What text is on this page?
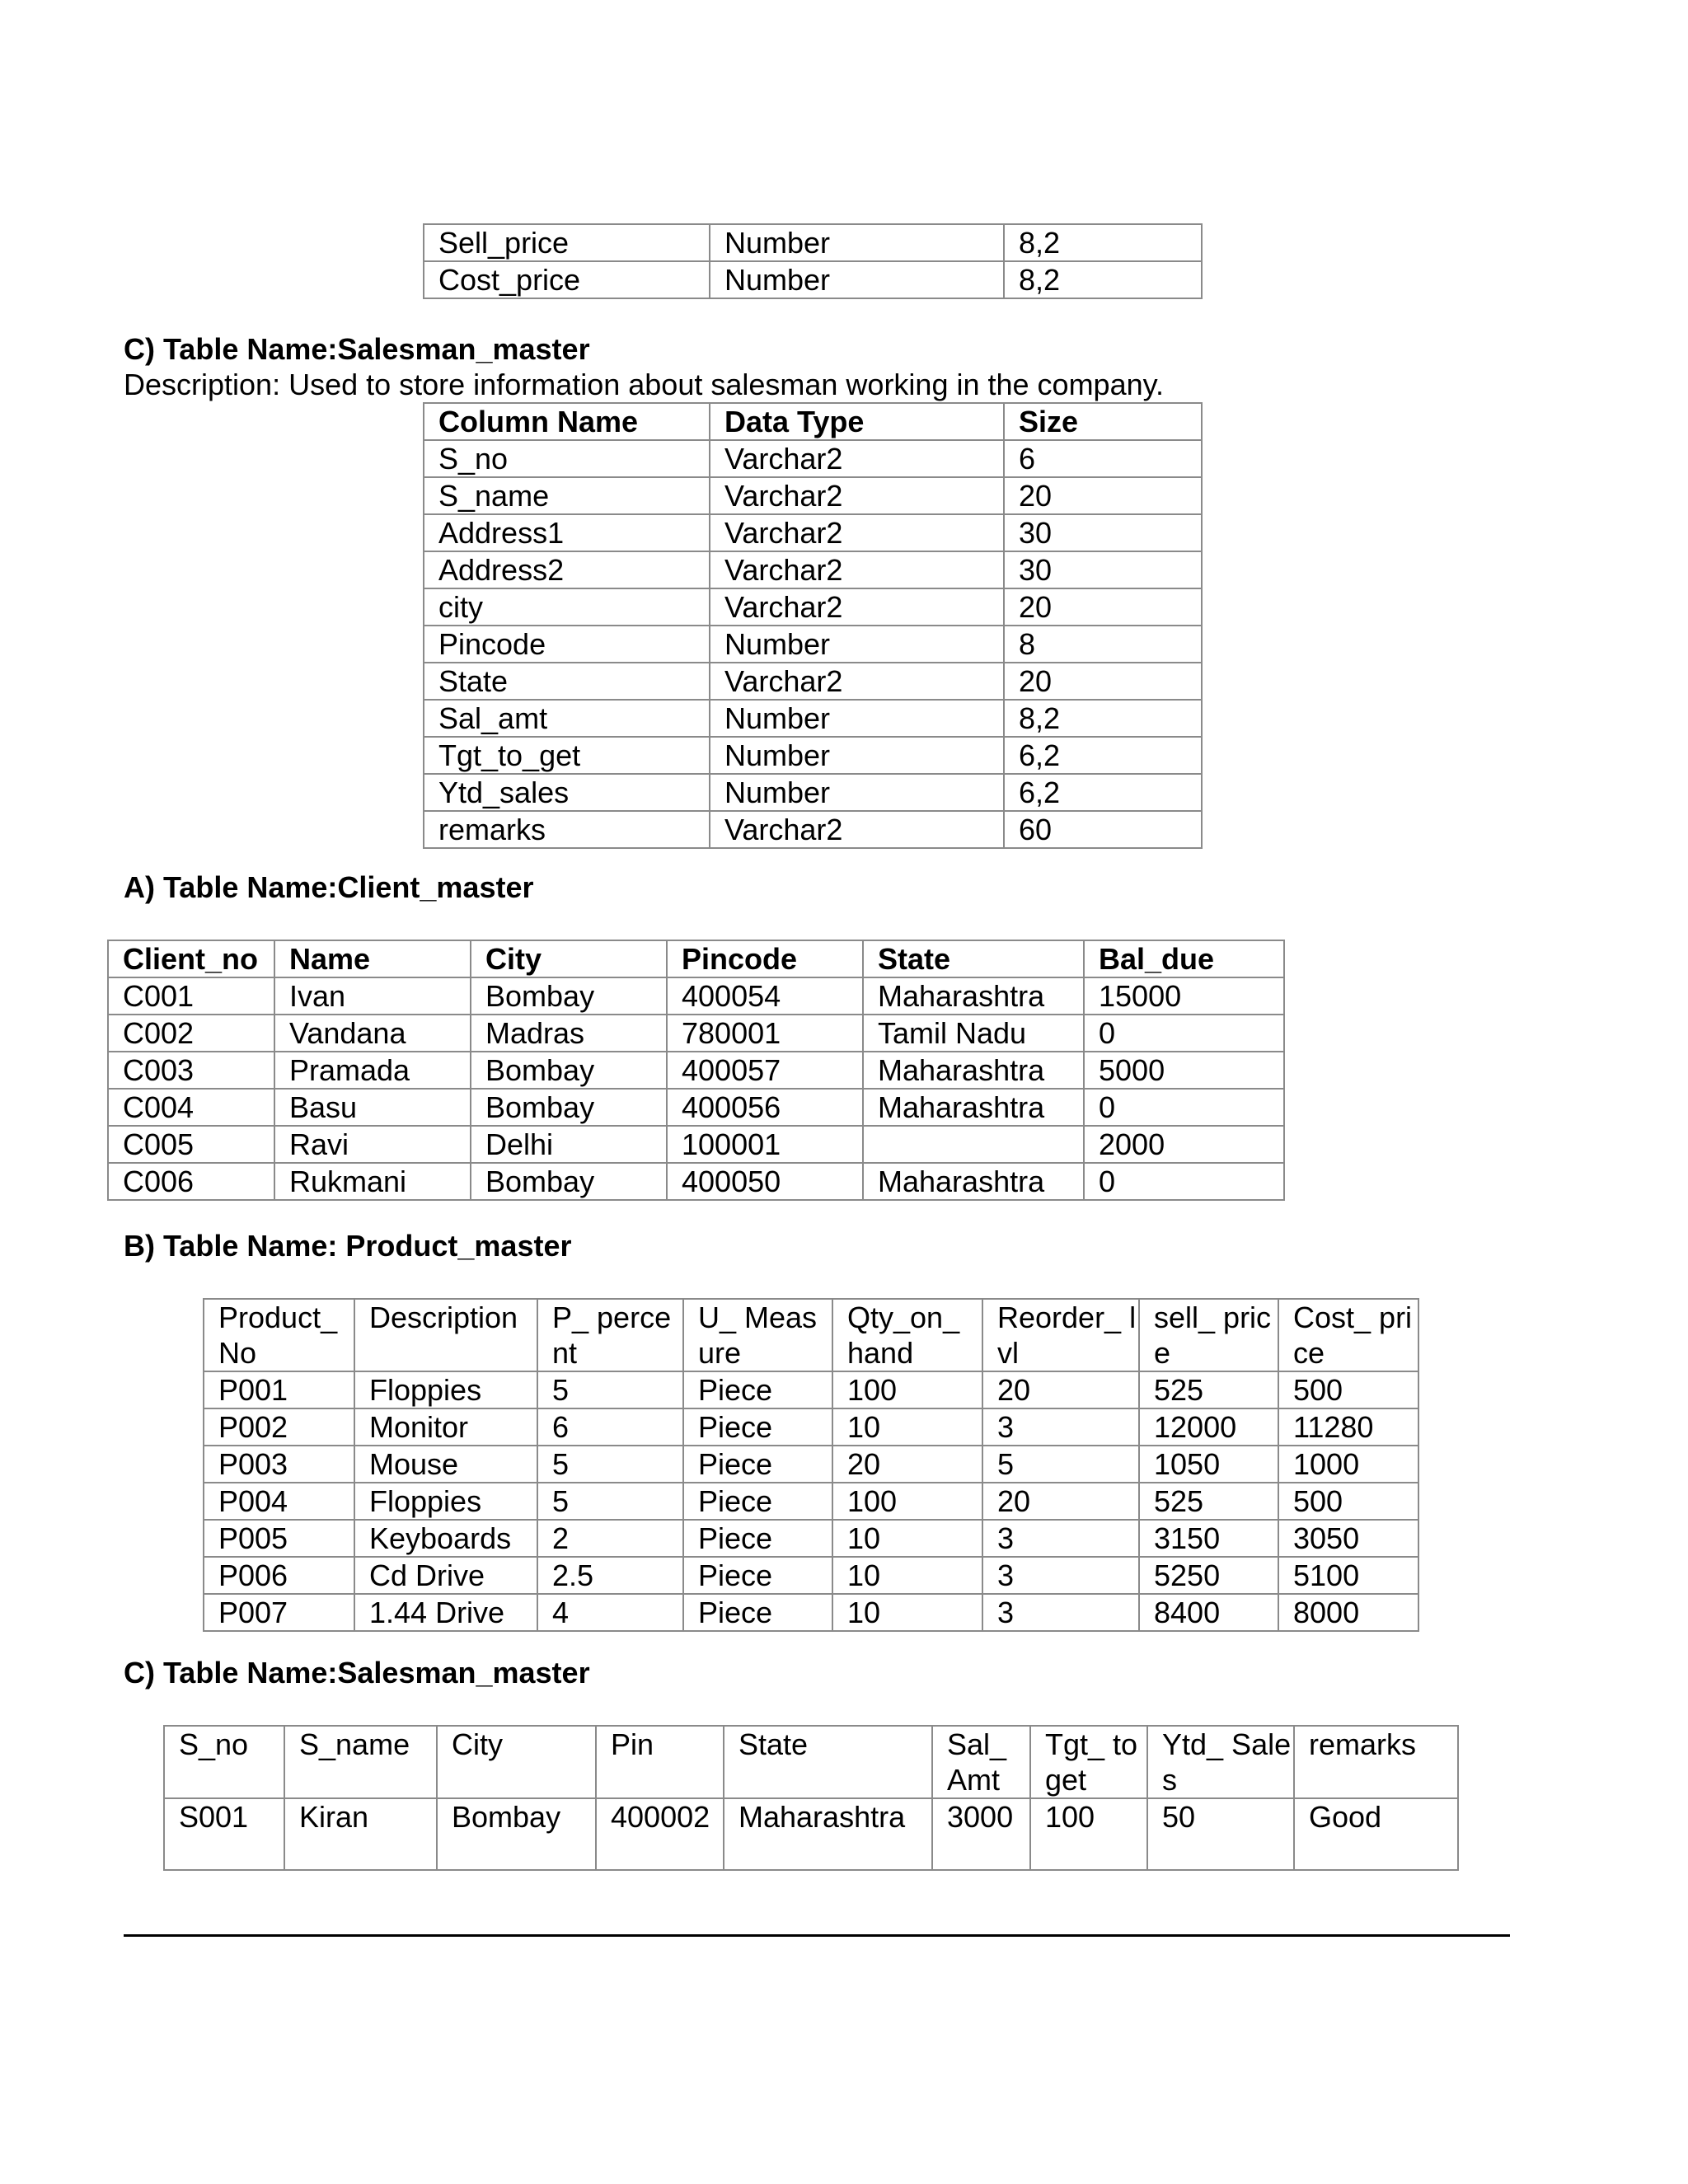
Sell_price	Number	8,2
Cost_price	Number	8,2
C) Table Name:Salesman_master
Description: Used to store information about salesman working in the company.
Column Name	Data Type	Size
S_no	Varchar2	6
S_name	Varchar2	20
Address1	Varchar2	30
Address2	Varchar2	30
city	Varchar2	20
Pincode	Number	8
State	Varchar2	20
Sal_amt	Number	8,2
Tgt_to_get	Number	6,2
Ytd_sales	Number	6,2
remarks	Varchar2	60
A) Table Name:Client_master
Client_no	Name	City	Pincode	State	Bal_due
C001	Ivan	Bombay	400054	Maharashtra	15000
C002	Vandana	Madras	780001	Tamil Nadu	0
C003	Pramada	Bombay	400057	Maharashtra	5000
C004	Basu	Bombay	400056	Maharashtra	0
C005	Ravi	Delhi	100001		2000
C006	Rukmani	Bombay	400050	Maharashtra	0
B) Table Name: Product_master
Product_ No	Description	P_ percent	U_ Measure	Qty_on_ hand	Reorder_ lvl	sell_ price	Cost_ price
P001	Floppies	5	Piece	100	20	525	500
P002	Monitor	6	Piece	10	3	12000	11280
P003	Mouse	5	Piece	20	5	1050	1000
P004	Floppies	5	Piece	100	20	525	500
P005	Keyboards	2	Piece	10	3	3150	3050
P006	Cd Drive	2.5	Piece	10	3	5250	5100
P007	1.44 Drive	4	Piece	10	3	8400	8000
C) Table Name:Salesman_master
S_no	S_name	City	Pin	State	Sal_ Amt	Tgt_ to get	Ytd_ Sales	remarks
S001	Kiran	Bombay	400002	Maharashtra	3000	100	50	Good
